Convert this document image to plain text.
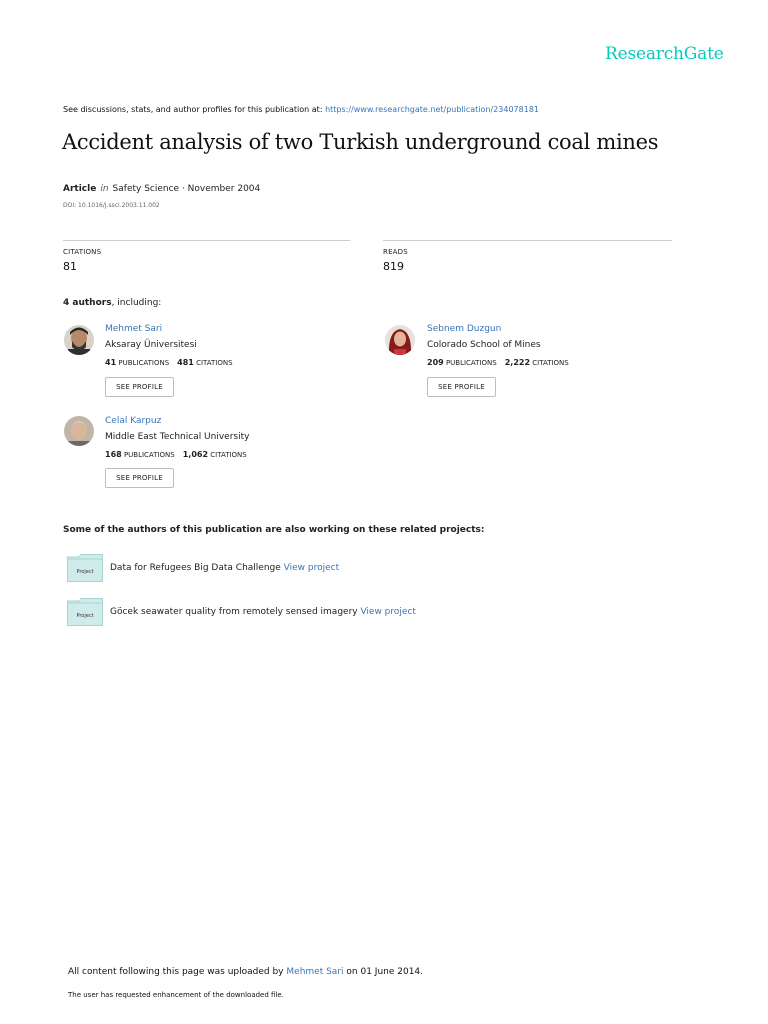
ResearchGate
See discussions, stats, and author profiles for this publication at: https://www.researchgate.net/publication/234078181
Accident analysis of two Turkish underground coal mines
Article in Safety Science · November 2004
DOI: 10.1016/j.ssci.2003.11.002
CITATIONS
81
READS
819
4 authors, including:
Mehmet Sari
Aksaray Üniversitesi
41 PUBLICATIONS 481 CITATIONS
SEE PROFILE
Sebnem Duzgun
Colorado School of Mines
209 PUBLICATIONS 2,222 CITATIONS
SEE PROFILE
Celal Karpuz
Middle East Technical University
168 PUBLICATIONS 1,062 CITATIONS
SEE PROFILE
Some of the authors of this publication are also working on these related projects:
Project Data for Refugees Big Data Challenge View project
Project Göcek seawater quality from remotely sensed imagery View project
All content following this page was uploaded by Mehmet Sari on 01 June 2014.
The user has requested enhancement of the downloaded file.
